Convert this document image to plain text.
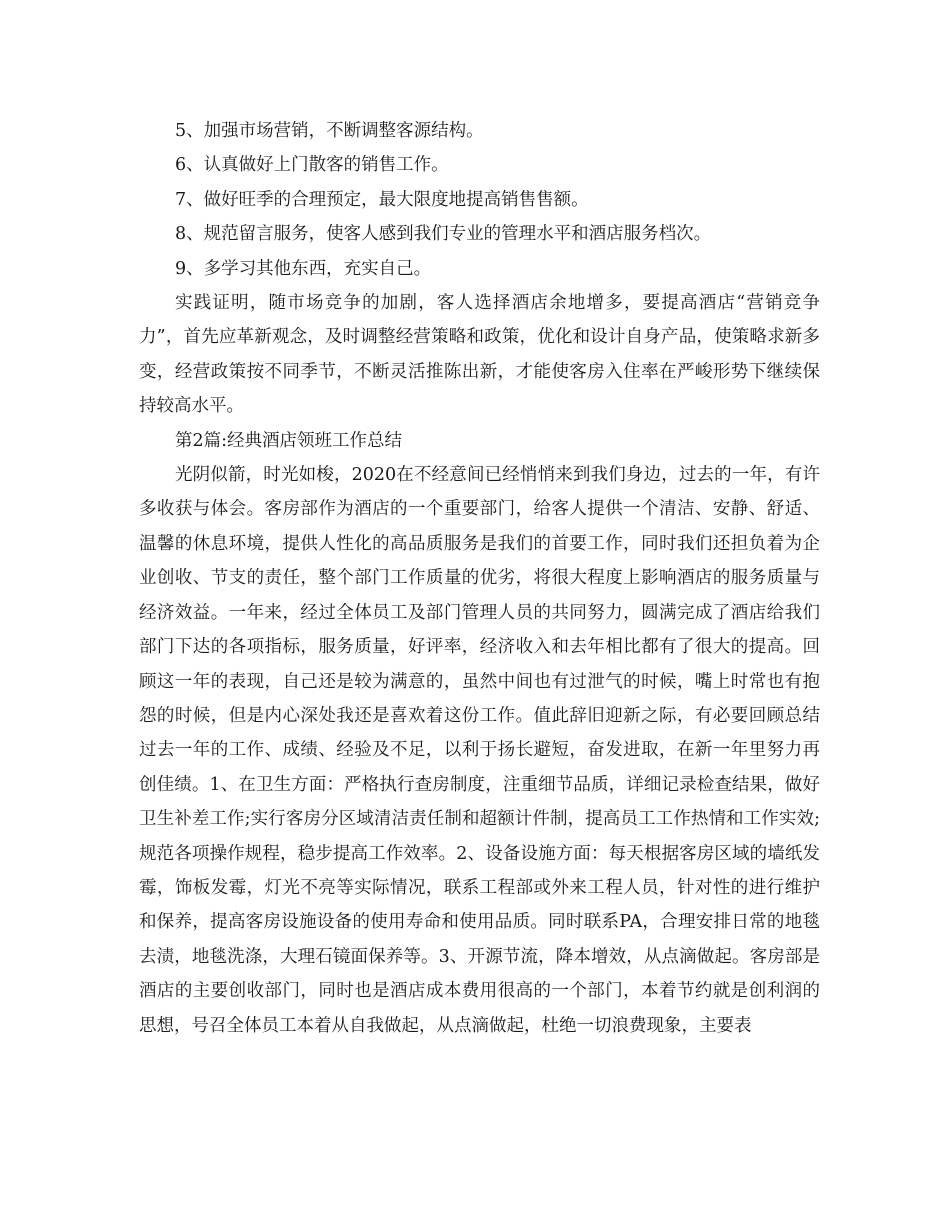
5、加强市场营销，不断调整客源结构。

6、认真做好上门散客的销售工作。

7、做好旺季的合理预定，最大限度地提高销售售额。

8、规范留言服务，使客人感到我们专业的管理水平和酒店服务档次。

9、多学习其他东西，充实自己。

实践证明，随市场竞争的加剧，客人选择酒店余地增多，要提高酒店“营销竞争力”，首先应革新观念，及时调整经营策略和政策，优化和设计自身产品，使策略求新多变，经营政策按不同季节，不断灵活推陈出新，才能使客房入住率在严峻形势下继续保持较高水平。

第2篇:经典酒店领班工作总结

光阴似箭，时光如梭，2020在不经意间已经悄悄来到我们身边，过去的一年，有许多收获与体会。客房部作为酒店的一个重要部门，给客人提供一个清洁、安静、舒适、温馨的休息环境，提供人性化的高品质服务是我们的首要工作，同时我们还担负着为企业创收、节支的责任，整个部门工作质量的优劣，将很大程度上影响酒店的服务质量与经济效益。一年来，经过全体员工及部门管理人员的共同努力，圆满完成了酒店给我们部门下达的各项指标，服务质量，好评率，经济收入和去年相比都有了很大的提高。回顾这一年的表现，自己还是较为满意的，虽然中间也有过泄气的时候，嘴上时常也有抱怨的时候，但是内心深处我还是喜欢着这份工作。值此辞旧迎新之际，有必要回顾总结过去一年的工作、成绩、经验及不足，以利于扬长避短，奋发进取，在新一年里努力再创佳绩。1、在卫生方面：严格执行查房制度，注重细节品质，详细记录检查结果，做好卫生补差工作;实行客房分区域清洁责任制和超额计件制，提高员工工作热情和工作实效;规范各项操作规程，稳步提高工作效率。2、设备设施方面：每天根据客房区域的墙纸发霉，饰板发霉，灯光不亮等实际情况，联系工程部或外来工程人员，针对性的进行维护和保养，提高客房设施设备的使用寿命和使用品质。同时联系PA，合理安排日常的地毯去渍，地毯洗涤，大理石镜面保养等。3、开源节流，降本增效，从点滴做起。客房部是酒店的主要创收部门，同时也是酒店成本费用很高的一个部门，本着节约就是创利润的思想，号召全体员工本着从自我做起，从点滴做起，杜绝一切浪费现象，主要表
